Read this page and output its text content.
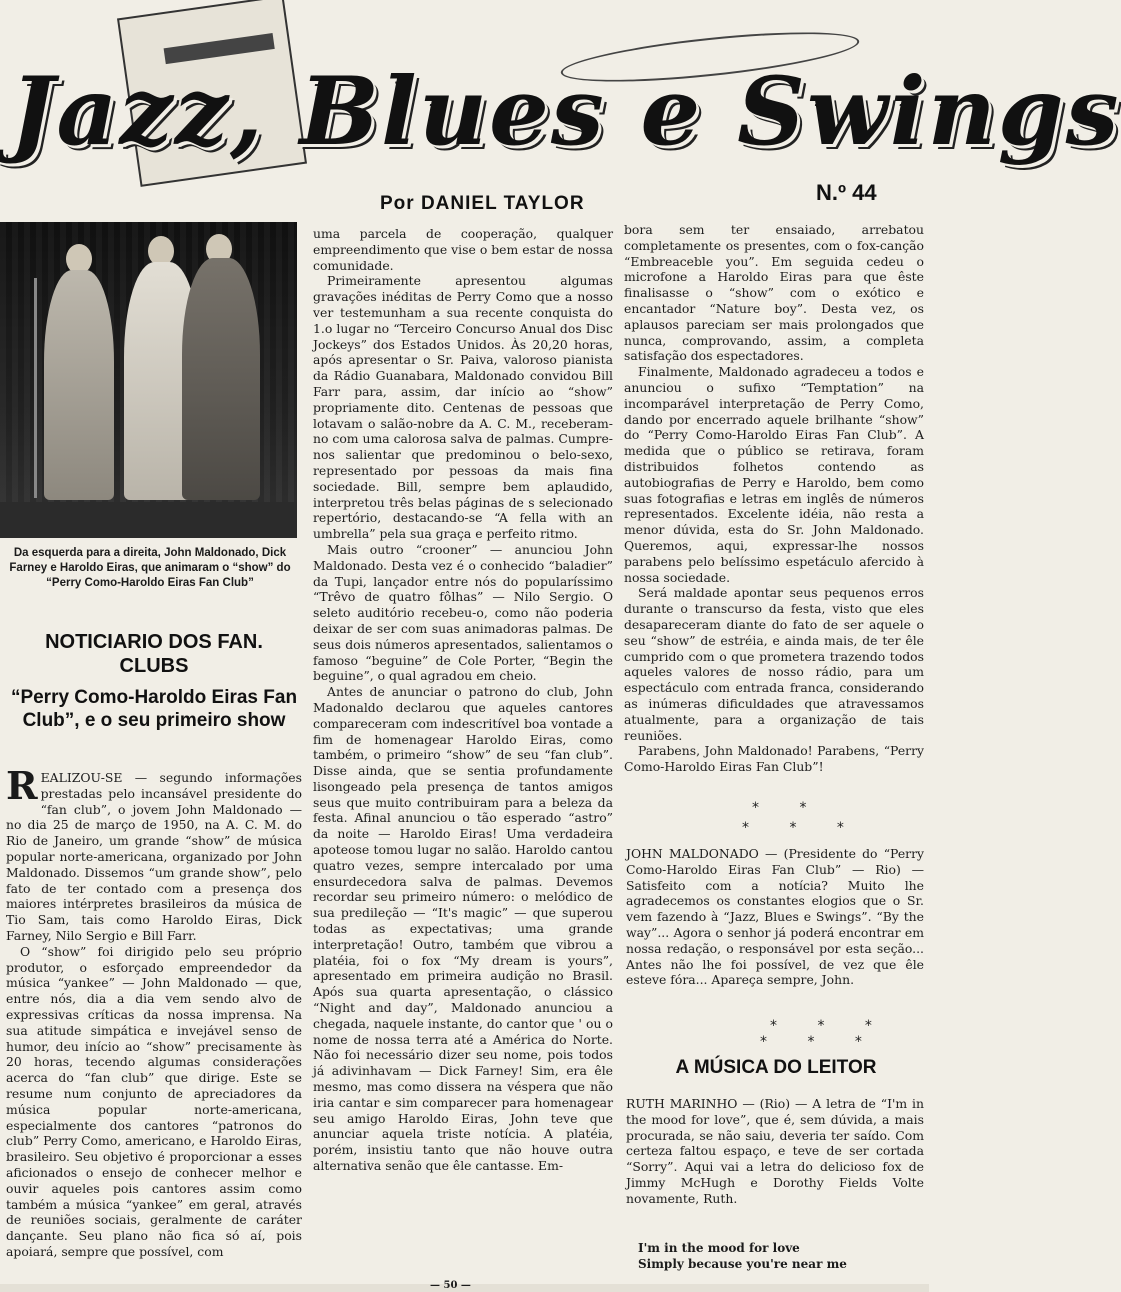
Jazz, Blues e Swings
Por DANIEL TAYLOR	N.º 44
Da esquerda para a direita, John Maldonado, Dick Farney e Haroldo Eiras, que animaram o “show” do “Perry Como-Haroldo Eiras Fan Club”
NOTICIARIO DOS FAN. CLUBS
“Perry Como-Haroldo Eiras Fan Club”, e o seu primeiro show

REALIZOU-SE — segundo informações prestadas pelo incansável presidente do “fan club”, o jovem John Maldonado — no dia 25 de março de 1950, na A. C. M. do Rio de Janeiro, um grande “show” de música popular norte-americana, organizado por John Maldonado. Dissemos “um grande show”, pelo fato de ter contado com a presença dos maiores intérpretes brasileiros da música de Tio Sam, tais como Haroldo Eiras, Dick Farney, Nilo Sergio e Bill Farr.

O “show” foi dirigido pelo seu próprio produtor, o esforçado empreendedor da música “yankee” — John Maldonado — que, entre nós, dia a dia vem sendo alvo de expressivas críticas da nossa imprensa. Na sua atitude simpática e invejável senso de humor, deu início ao “show” precisamente às 20 horas, tecendo algumas considerações acerca do “fan club” que dirige. Este se resume num conjunto de apreciadores da música popular norte-americana, especialmente dos cantores “patronos do club” Perry Como, americano, e Haroldo Eiras, brasileiro. Seu objetivo é proporcionar a esses aficionados o ensejo de conhecer melhor e ouvir aqueles pois cantores assim como também a música “yankee” em geral, através de reuniões sociais, geralmente de caráter dançante. Seu plano não fica só aí, pois apoiará, sempre que possível, com

uma parcela de cooperação, qualquer empreendimento que vise o bem estar de nossa comunidade.

Primeiramente apresentou algumas gravações inéditas de Perry Como que a nosso ver testemunham a sua recente conquista do 1.o lugar no “Terceiro Concurso Anual dos Disc Jockeys” dos Estados Unidos. Às 20,20 horas, após apresentar o Sr. Paiva, valoroso pianista da Rádio Guanabara, Maldonado convidou Bill Farr para, assim, dar início ao “show” propriamente dito. Centenas de pessoas que lotavam o salão-nobre da A. C. M., receberam-no com uma calorosa salva de palmas. Cumpre-nos salientar que predominou o belo-sexo, representado por pessoas da mais fina sociedade. Bill, sempre bem aplaudido, interpretou três belas páginas de s selecionado repertório, destacando-se “A fella with an umbrella” pela sua graça e perfeito ritmo.

Mais outro “crooner” — anunciou John Maldonado. Desta vez é o conhecido “baladier” da Tupi, lançador entre nós do popularíssimo “Trêvo de quatro fôlhas” — Nilo Sergio. O seleto auditório recebeu-o, como não poderia deixar de ser com suas animadoras palmas. De seus dois números apresentados, salientamos o famoso “beguine” de Cole Porter, “Begin the beguine”, o qual agradou em cheio.

Antes de anunciar o patrono do club, John Madonaldo declarou que aqueles cantores compareceram com indescritível boa vontade a fim de homenagear Haroldo Eiras, como também, o primeiro “show” de seu “fan club”. Disse ainda, que se sentia profundamente lisongeado pela presença de tantos amigos seus que muito contribuiram para a beleza da festa. Afinal anunciou o tão esperado “astro” da noite — Haroldo Eiras! Uma verdadeira apoteose tomou lugar no salão. Haroldo cantou quatro vezes, sempre intercalado por uma ensurdecedora salva de palmas. Devemos recordar seu primeiro número: o melódico de sua predileção — “It's magic” — que superou todas as expectativas; uma grande interpretação! Outro, também que vibrou a platéia, foi o fox “My dream is yours”, apresentado em primeira audição no Brasil. Após sua quarta apresentação, o clássico “Night and day”, Maldonado anunciou a chegada, naquele instante, do cantor que ' ou o nome de nossa terra até a América do Norte. Não foi necessário dizer seu nome, pois todos já adivinhavam — Dick Farney! Sim, era êle mesmo, mas como dissera na véspera que não iria cantar e sim comparecer para homenagear seu amigo Haroldo Eiras, John teve que anunciar aquela triste notícia. A platéia, porém, insistiu tanto que não houve outra alternativa senão que êle cantasse. Em-

bora sem ter ensaiado, arrebatou completamente os presentes, com o fox-canção “Embreaceble you”. Em seguida cedeu o microfone a Haroldo Eiras para que êste finalisasse o “show” com o exótico e encantador “Nature boy”. Desta vez, os aplausos pareciam ser mais prolongados que nunca, comprovando, assim, a completa satisfação dos espectadores.

Finalmente, Maldonado agradeceu a todos e anunciou o sufixo “Temptation” na incomparável interpretação de Perry Como, dando por encerrado aquele brilhante “show” do “Perry Como-Haroldo Eiras Fan Club”. A medida que o público se retirava, foram distribuidos folhetos contendo as autobiografias de Perry e Haroldo, bem como suas fotografias e letras em inglês de números representados. Excelente idéia, não resta a menor dúvida, esta do Sr. John Maldonado. Queremos, aqui, expressar-lhe nossos parabens pelo belíssimo espetáculo afercido à nossa sociedade.

Será maldade apontar seus pequenos erros durante o transcurso da festa, visto que eles desapareceram diante do fato de ser aquele o seu “show” de estréia, e ainda mais, de ter êle cumprido com o que prometera trazendo todos aqueles valores de nosso rádio, para um espectáculo com entrada franca, considerando as inúmeras dificuldades que atravessamos atualmente, para a organização de tais reuniões.

Parabens, John Maldonado! Parabens, “Perry Como-Haroldo Eiras Fan Club”!

* *
* * *
JOHN MALDONADO — (Presidente do “Perry Como-Haroldo Eiras Fan Club” — Rio) — Satisfeito com a notícia? Muito lhe agradecemos os constantes elogios que o Sr. vem fazendo à “Jazz, Blues e Swings”. “By the way”... Agora o senhor já poderá encontrar em nossa redação, o responsável por esta seção... Antes não lhe foi possível, de vez que êle esteve fóra... Apareça sempre, John.
* * *
* * *
A MÚSICA DO LEITOR
RUTH MARINHO — (Rio) — A letra de “I'm in the mood for love”, que é, sem dúvida, a mais procurada, se não saiu, deveria ter saído. Com certeza faltou espaço, e teve de ser cortada “Sorry”. Aqui vai a letra do delicioso fox de Jimmy McHugh e Dorothy Fields Volte novamente, Ruth.
I'm in the mood for love
Simply because you're near me
— 50 —
